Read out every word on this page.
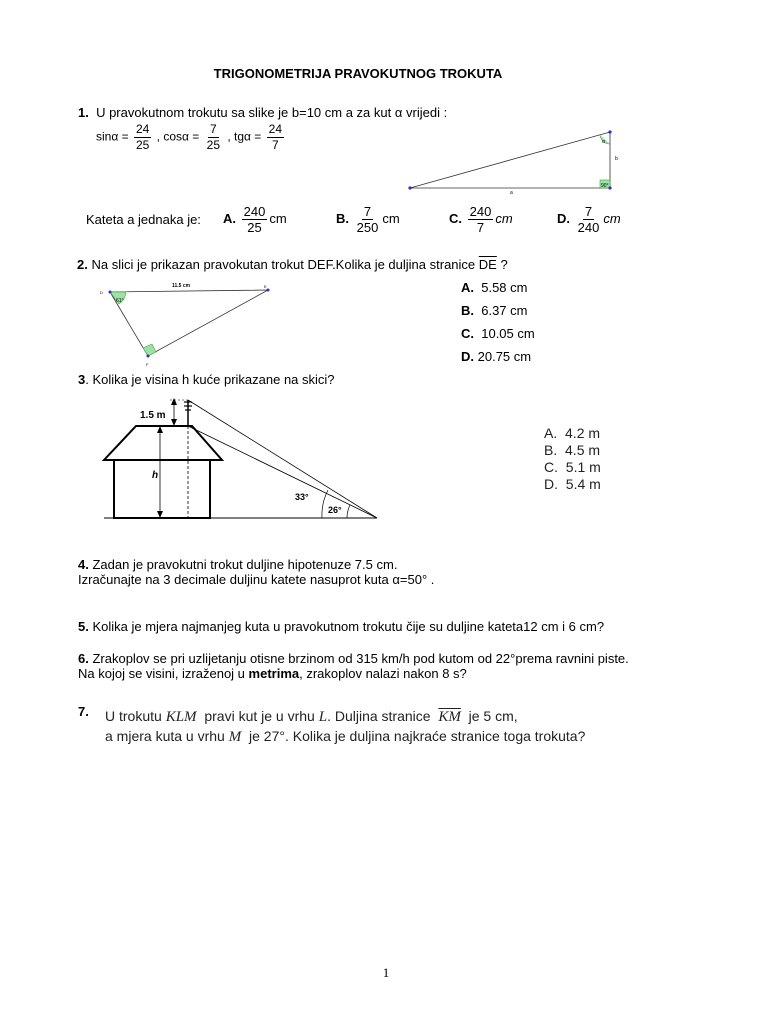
TRIGONOMETRIJA PRAVOKUTNOG TROKUTA
1. U pravokutnom trokutu sa slike je b=10 cm a za kut α vrijedi :
$\sin\alpha = \frac{24}{25}$ , $\cos\alpha = \frac{7}{25}$ , $tg\alpha = \frac{24}{7}$	α
90°
b
a
Kateta a jednaka je: A. $\frac{240}{25}$ cm	B. $\frac{7}{250}$ cm	C. $\frac{240}{7}$ cm	D. $\frac{7}{240}$ cm
2. Na slici je prikazan pravokutan trokut DEF.Kolika je duljina stranice $\overline{DE}$ ?
61°
11.5 cm
D
E
F
A. 5.58 cm
B. 6.37 cm
C. 10.05 cm
D. 20.75 cm
3. Kolika je visina h kuće prikazane na skici?
1.5 m
h
33°
26°
A. 4.2 m
B. 4.5 m
C. 5.1 m
D. 5.4 m
4. Zadan je pravokutni trokut duljine hipotenuze 7.5 cm.
Izračunajte na 3 decimale duljinu katete nasuprot kuta α=50° .
5. Kolika je mjera najmanjeg kuta u pravokutnom trokutu čije su duljine kateta12 cm i 6 cm?
6. Zrakoplov se pri uzlijetanju otisne brzinom od 315 km/h pod kutom od 22°prema ravnini piste.
Na kojoj se visini, izraženoj u metrima, zrakoplov nalazi nakon 8 s?
7. U trokutu KLM pravi kut je u vrhu L. Duljina stranice $\overline{KM}$ je 5 cm,
a mjera kuta u vrhu M je 27°. Kolika je duljina najkraće stranice toga trokuta?
1
